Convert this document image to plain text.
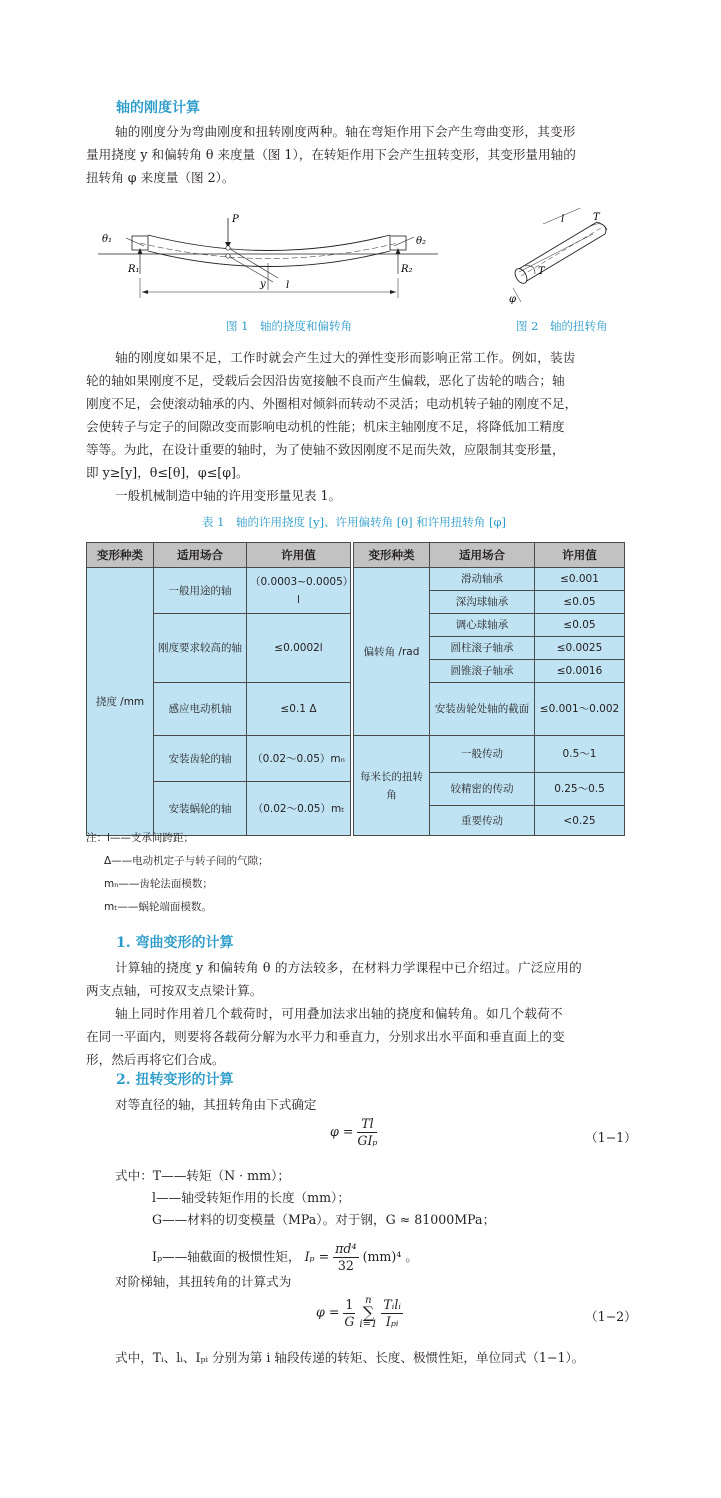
轴的刚度计算

轴的刚度分为弯曲刚度和扭转刚度两种。轴在弯矩作用下会产生弯曲变形，其变形

量用挠度 y 和偏转角 θ 来度量（图 1），在转矩作用下会产生扭转变形，其变形量用轴的

扭转角 φ 来度量（图 2）。

P
θ₁	θ₂
R₁	R₂
y l
l	T
T
φ

图 1　轴的挠度和偏转角	图 2　轴的扭转角

轴的刚度如果不足，工作时就会产生过大的弹性变形而影响正常工作。例如，装齿

轮的轴如果刚度不足，受载后会因沿齿宽接触不良而产生偏载，恶化了齿轮的啮合；轴

刚度不足，会使滚动轴承的内、外圈相对倾斜而转动不灵活；电动机转子轴的刚度不足，

会使转子与定子的间隙改变而影响电动机的性能；机床主轴刚度不足，将降低加工精度

等等。为此，在设计重要的轴时，为了使轴不致因刚度不足而失效，应限制其变形量，

即 y≥[y]，θ≤[θ]，φ≤[φ]。

一般机械制造中轴的许用变形量见表 1。

表 1　轴的许用挠度 [y]、许用偏转角 [θ] 和许用扭转角 [φ]

变形种类	适用场合	许用值		变形种类	适用场合	许用值
挠度 /mm	一般用途的轴	（0.0003~0.0005）l		偏转角 /rad	滑动轴承	≤0.001
					深沟球轴承	≤0.05
	刚度要求较高的轴	≤0.0002l			调心球轴承	≤0.05
					圆柱滚子轴承	≤0.0025
					圆锥滚子轴承	≤0.0016
	感应电动机轴	≤0.1 Δ			安装齿轮处轴的截面	≤0.001～0.002

	安装齿轮的轴	（0.02～0.05）mₙ		每米长的扭转角	一般传动	0.5～1

					较精密的传动	0.25～0.5
	安装蜗轮的轴	（0.02～0.05）mₜ				
					重要传动	<0.25

注：l——支承间跨距；

Δ——电动机定子与转子间的气隙；

mₙ——齿轮法面模数；

mₜ——蜗轮端面模数。

1. 弯曲变形的计算

计算轴的挠度 y 和偏转角 θ 的方法较多，在材料力学课程中已介绍过。广泛应用的

两支点轴，可按双支点梁计算。

轴上同时作用着几个载荷时，可用叠加法求出轴的挠度和偏转角。如几个载荷不

在同一平面内，则要将各载荷分解为水平力和垂直力，分别求出水平面和垂直面上的变

形，然后再将它们合成。

2. 扭转变形的计算

对等直径的轴，其扭转角由下式确定

$\varphi = \frac{Tl}{\text{GIₚ}}$	（1−1）
式中：T——转矩（N · mm）；
l——轴受转矩作用的长度（mm）；
G——材料的切变模量（MPa）。对于钢，G ≈ 81000MPa；
Iₚ——轴截面的极惯性矩， $I_p = \frac{\text{πd⁴}}{32} (mm)^4$ 。

对阶梯轴，其扭转角的计算式为

$\varphi = \frac{1}{G}$
n
∑
i=1
$\frac{\text{Tᵢlᵢ}}{\text{Iₚᵢ}}$	（1−2）

式中，Tᵢ、lᵢ、Iₚᵢ 分别为第 i 轴段传递的转矩、长度、极惯性矩，单位同式（1−1）。
